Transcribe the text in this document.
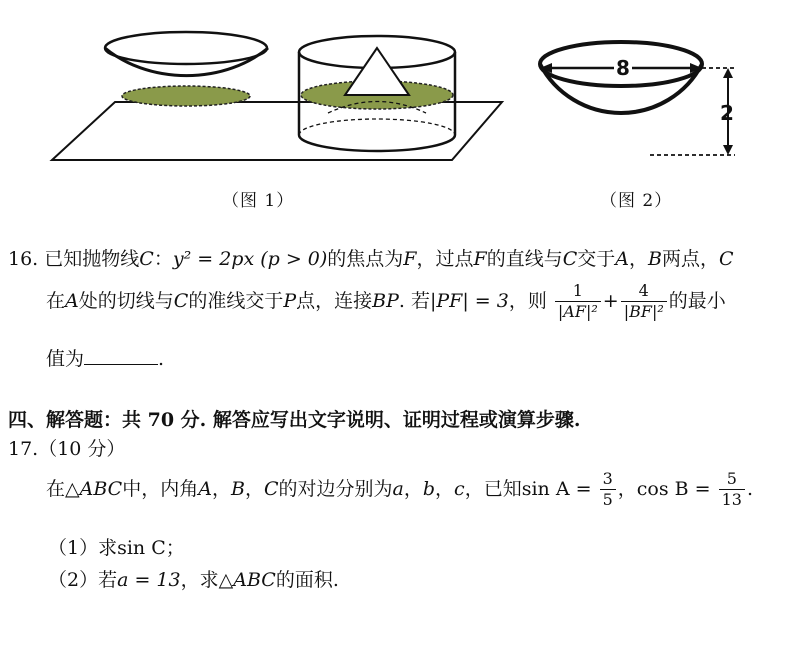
（图 1）
8
2
（图 2）
16. 已知抛物线C：y² = 2px (p > 0)的焦点为F，过点F的直线与C交于A，B两点，C
在A处的切线与C的准线交于P点，连接BP. 若|PF| = 3，则 $\frac{1}{\text{|AF|²}} + \frac{4}{\text{|BF|²}}$ 的最小
值为	.
四、解答题：共 70 分. 解答应写出文字说明、证明过程或演算步骤.
17.（10 分）
在△ABC中，内角A，B，C的对边分别为a，b，c，已知$\sin A = \frac{3}{5}$ ，$\cos B = \frac{5}{13}$ .
（1）求sin C；
（2）若a = 13，求△ABC的面积.
